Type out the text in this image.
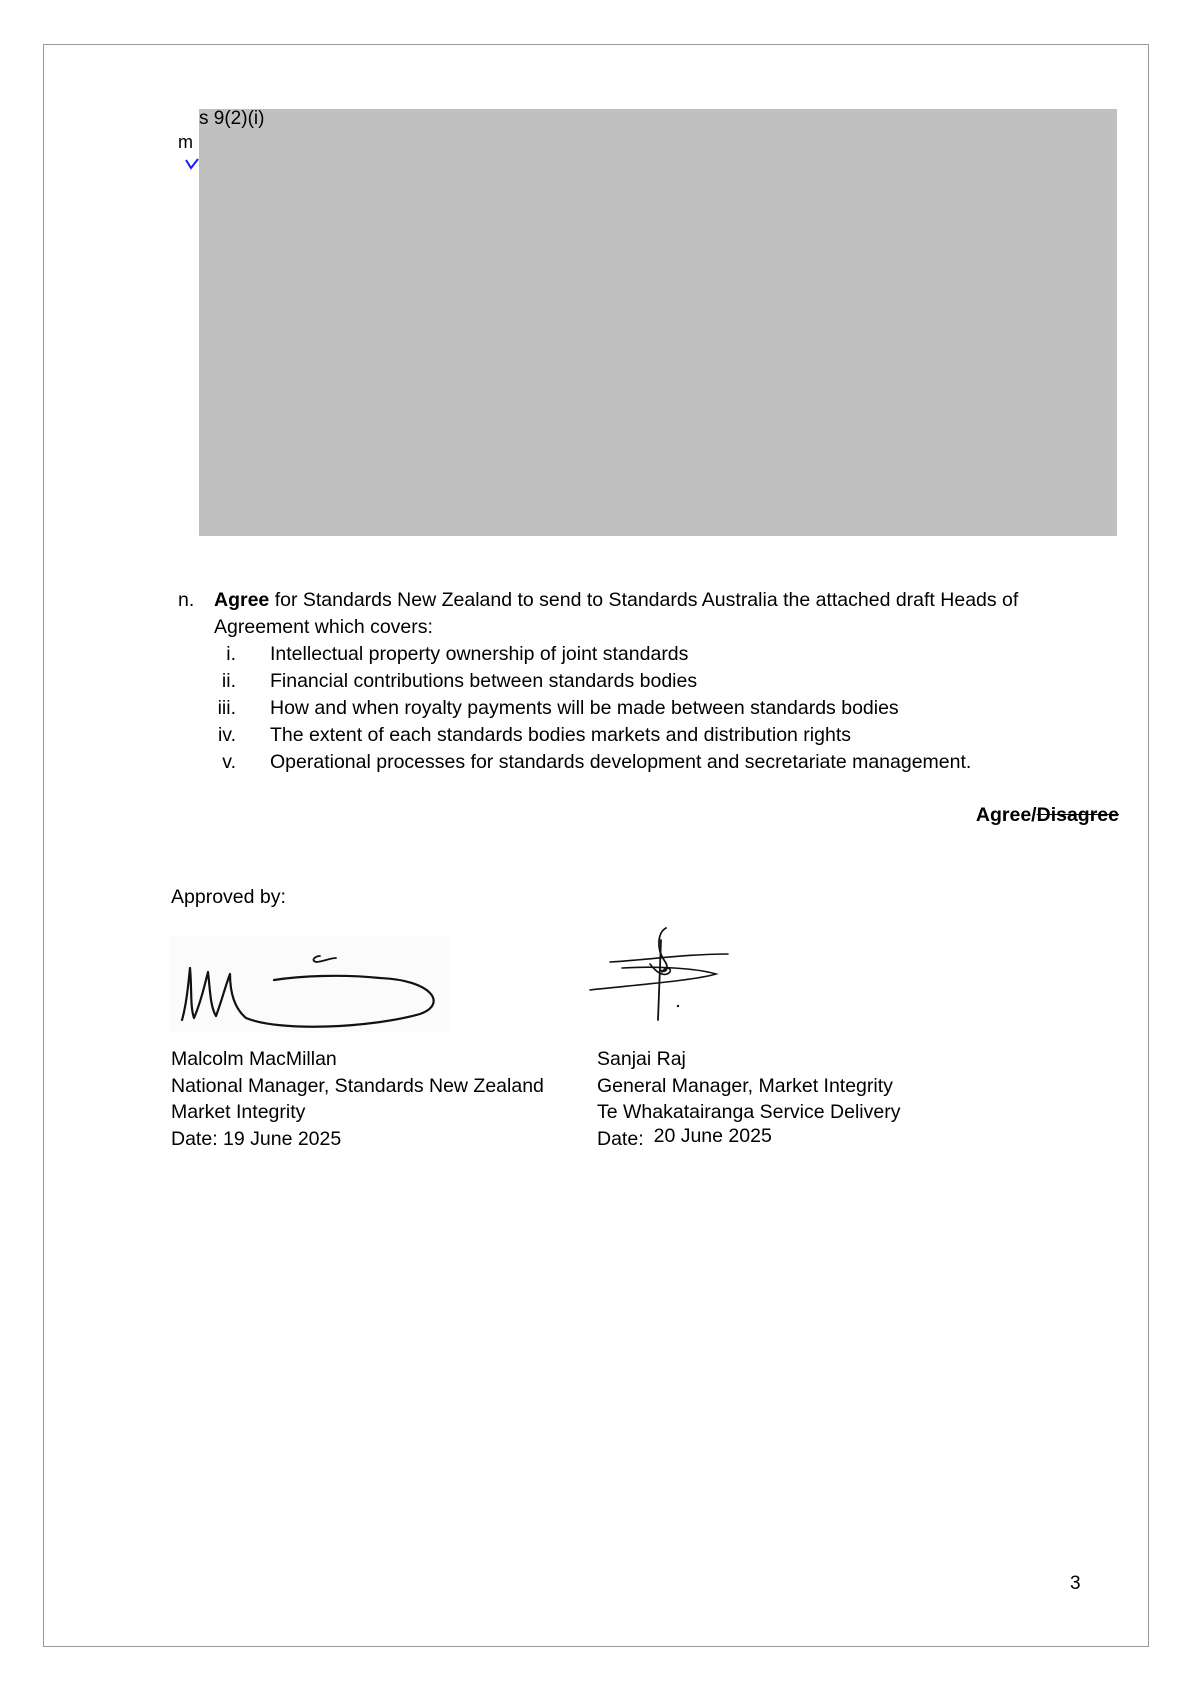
s 9(2)(i)
m
n.	Agree for Standards New Zealand to send to Standards Australia the attached draft Heads of Agreement which covers:
i. Intellectual property ownership of joint standards
ii. Financial contributions between standards bodies
iii. How and when royalty payments will be made between standards bodies
iv. The extent of each standards bodies markets and distribution rights
v. Operational processes for standards development and secretariate management.
Agree/Disagree
Approved by:
Malcolm MacMillan
National Manager, Standards New Zealand
Market Integrity
Date: 19 June 2025
Sanjai Raj
General Manager, Market Integrity
Te Whakatairanga Service Delivery
Date: 20 June 2025
3
